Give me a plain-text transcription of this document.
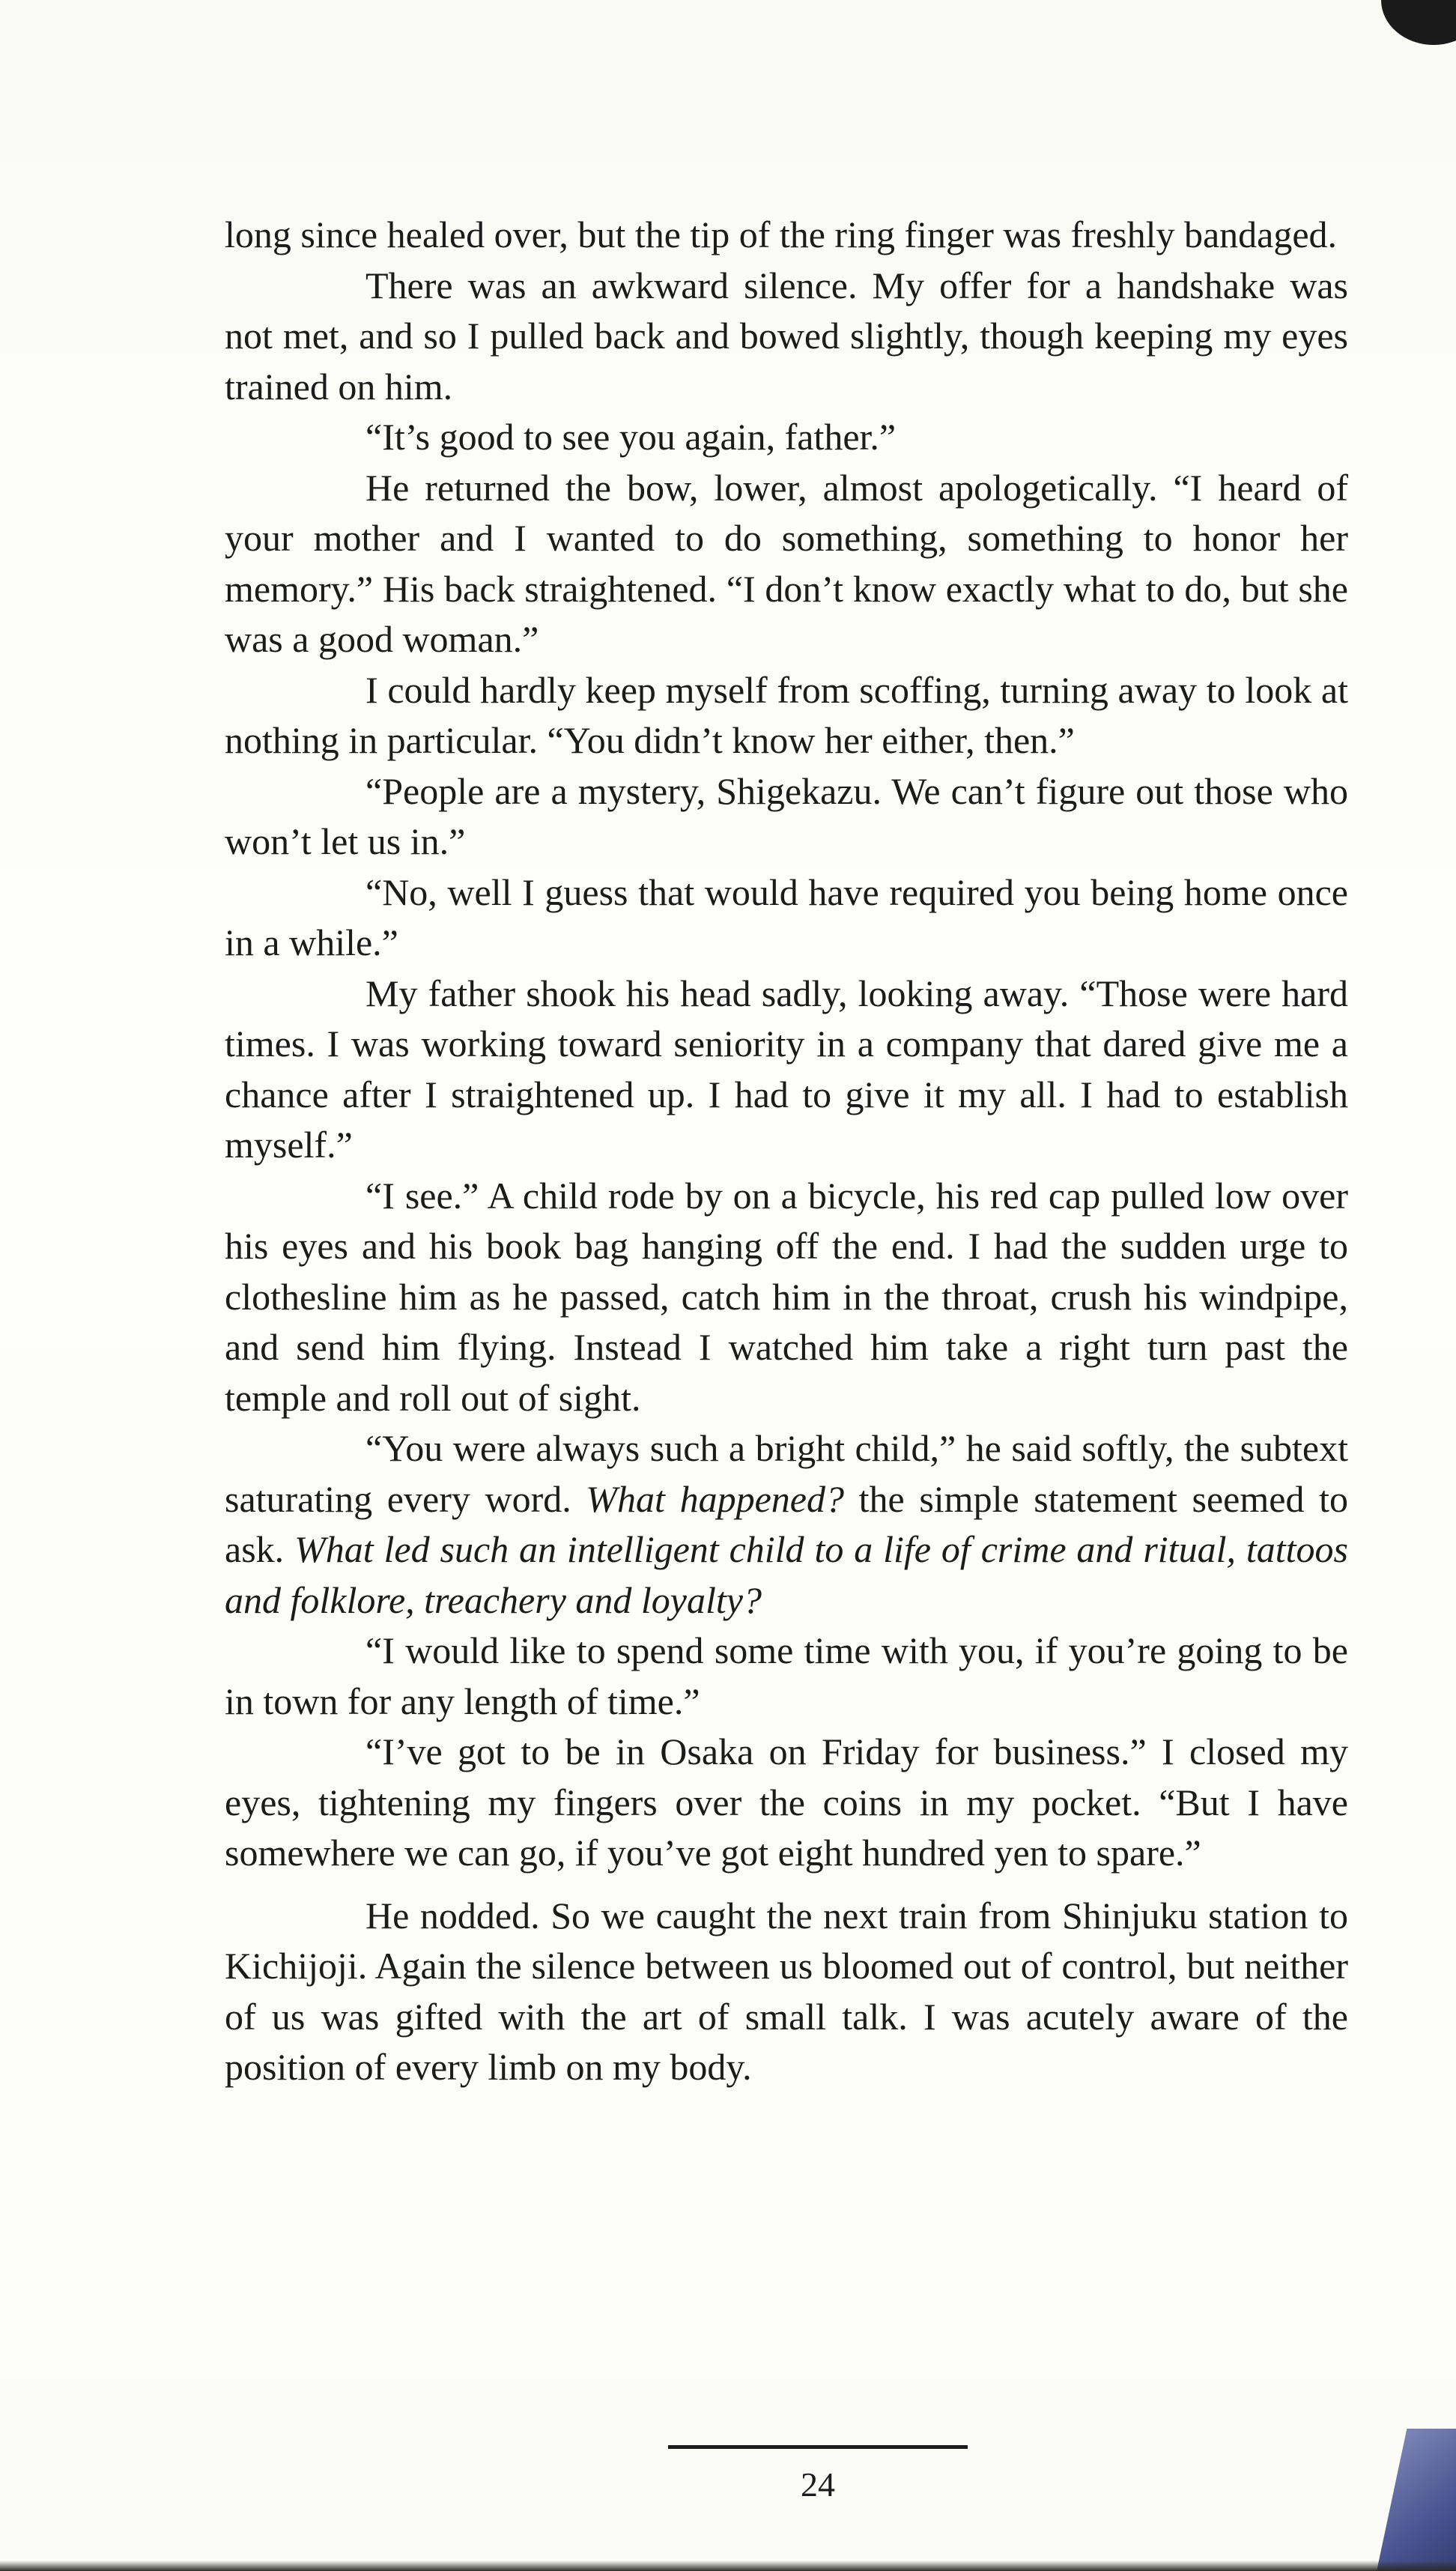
long since healed over, but the tip of the ring finger was freshly bandaged.

There was an awkward silence. My offer for a handshake was not met, and so I pulled back and bowed slightly, though keeping my eyes trained on him.

“It’s good to see you again, father.”

He returned the bow, lower, almost apologetically. “I heard of your mother and I wanted to do something, something to honor her memory.” His back straightened. “I don’t know exactly what to do, but she was a good woman.”

I could hardly keep myself from scoffing, turning away to look at nothing in particular. “You didn’t know her either, then.”

“People are a mystery, Shigekazu. We can’t figure out those who won’t let us in.”

“No, well I guess that would have required you being home once in a while.”

My father shook his head sadly, looking away. “Those were hard times. I was working toward seniority in a company that dared give me a chance after I straightened up. I had to give it my all. I had to establish myself.”

“I see.” A child rode by on a bicycle, his red cap pulled low over his eyes and his book bag hanging off the end. I had the sudden urge to clothesline him as he passed, catch him in the throat, crush his windpipe, and send him flying. Instead I watched him take a right turn past the temple and roll out of sight.

“You were always such a bright child,” he said softly, the subtext saturating every word. What happened? the simple statement seemed to ask. What led such an intelligent child to a life of crime and ritual, tattoos and folklore, treachery and loyalty?

“I would like to spend some time with you, if you’re going to be in town for any length of time.”

“I’ve got to be in Osaka on Friday for business.” I closed my eyes, tightening my fingers over the coins in my pocket. “But I have somewhere we can go, if you’ve got eight hundred yen to spare.”

He nodded. So we caught the next train from Shinjuku station to Kichijoji. Again the silence between us bloomed out of control, but neither of us was gifted with the art of small talk. I was acutely aware of the position of every limb on my body.

24
